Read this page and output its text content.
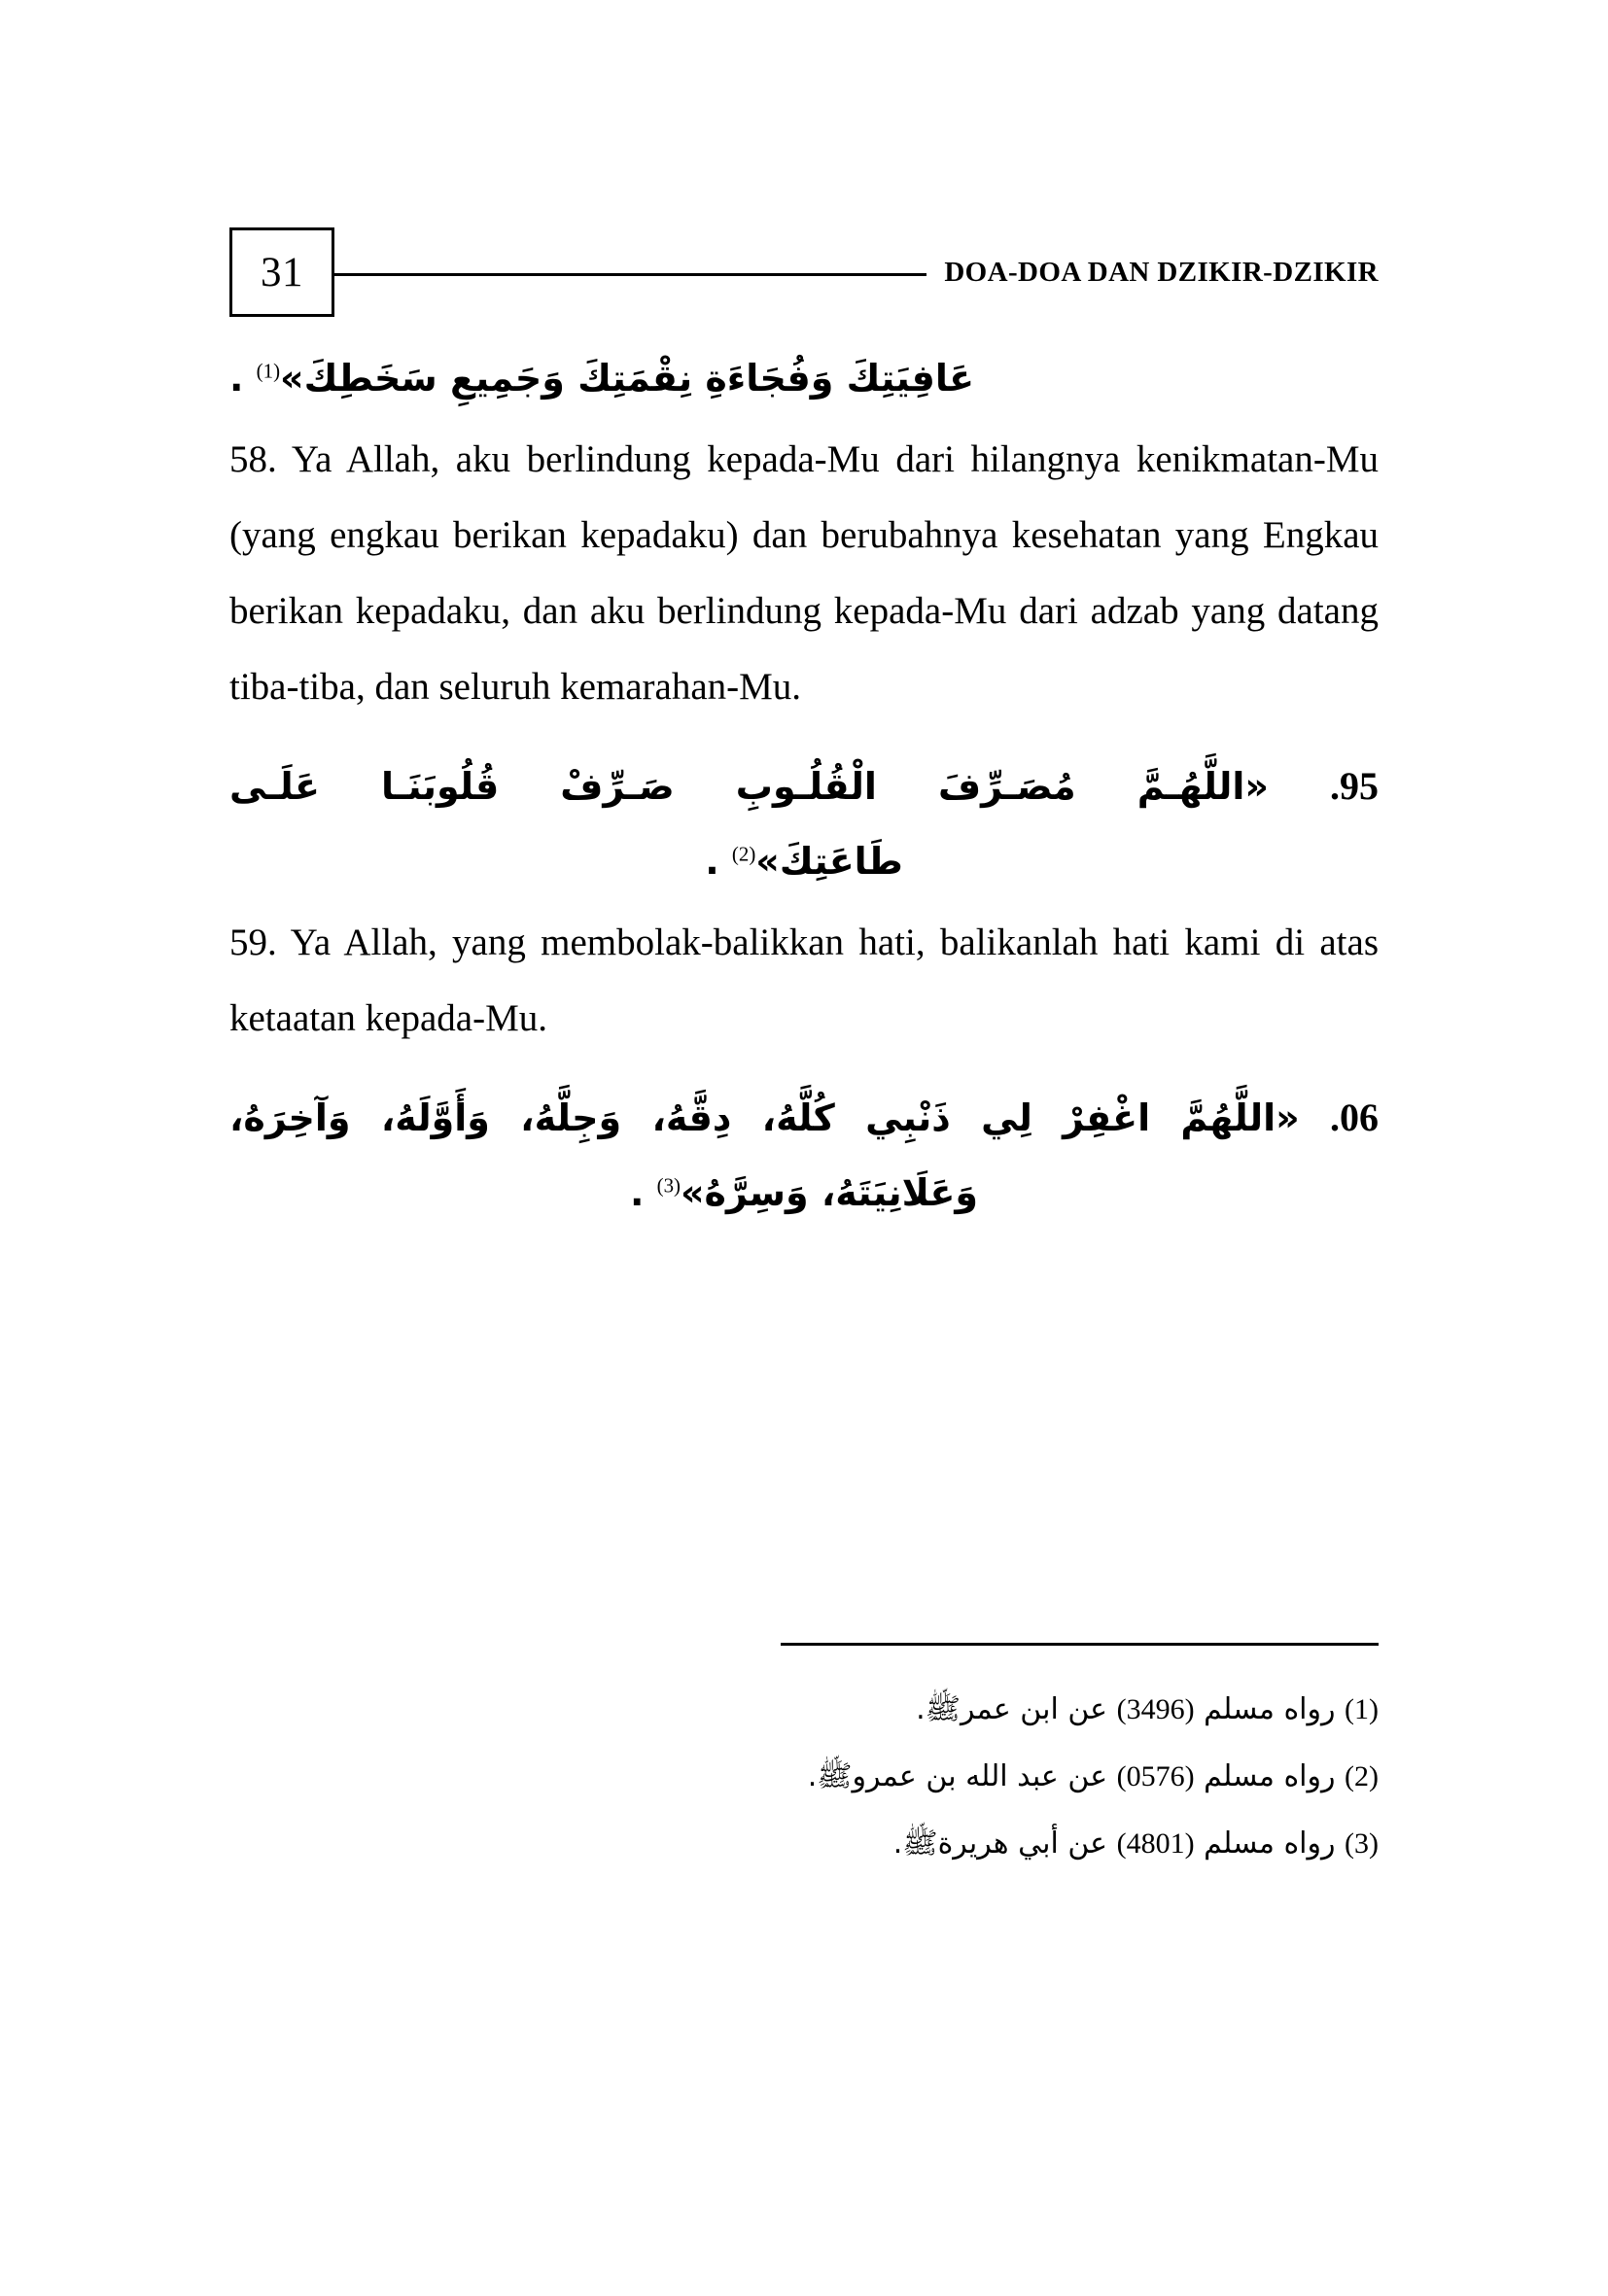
31	DOA-DOA DAN DZIKIR-DZIKIR

عَافِيَتِكَ وَفُجَاءَةِ نِقْمَتِكَ وَجَمِيعِ سَخَطِكَ»$^{(1)}$ .

58. Ya Allah, aku berlindung kepada-Mu dari hilangnya kenikmatan-Mu (yang engkau berikan kepadaku) dan berubahnya kesehatan yang Engkau berikan kepadaku, dan aku berlindung kepada-Mu dari adzab yang datang tiba-tiba, dan seluruh kemarahan-Mu.

59. «اللَّهُـمَّ مُصَـرِّفَ الْقُلُـوبِ صَـرِّفْ قُلُوبَنَـا عَلَـى

طَاعَتِكَ»$^{(2)}$ .

59. Ya Allah, yang membolak-balikkan hati, balikanlah hati kami di atas ketaatan kepada-Mu.

60. «اللَّهُمَّ اغْفِرْ لِي ذَنْبِي كُلَّهُ، دِقَّهُ، وَجِلَّهُ، وَأَوَّلَهُ، وَآخِرَهُ،

وَعَلَانِيَتَهُ، وَسِرَّهُ»$^{(3)}$ .

(1) رواه مسلم (6943) عن ابن عمرﷺ.

(2) رواه مسلم (6750) عن عبد الله بن عمروﷺ.

(3) رواه مسلم (1084) عن أبي هريرةﷺ.
